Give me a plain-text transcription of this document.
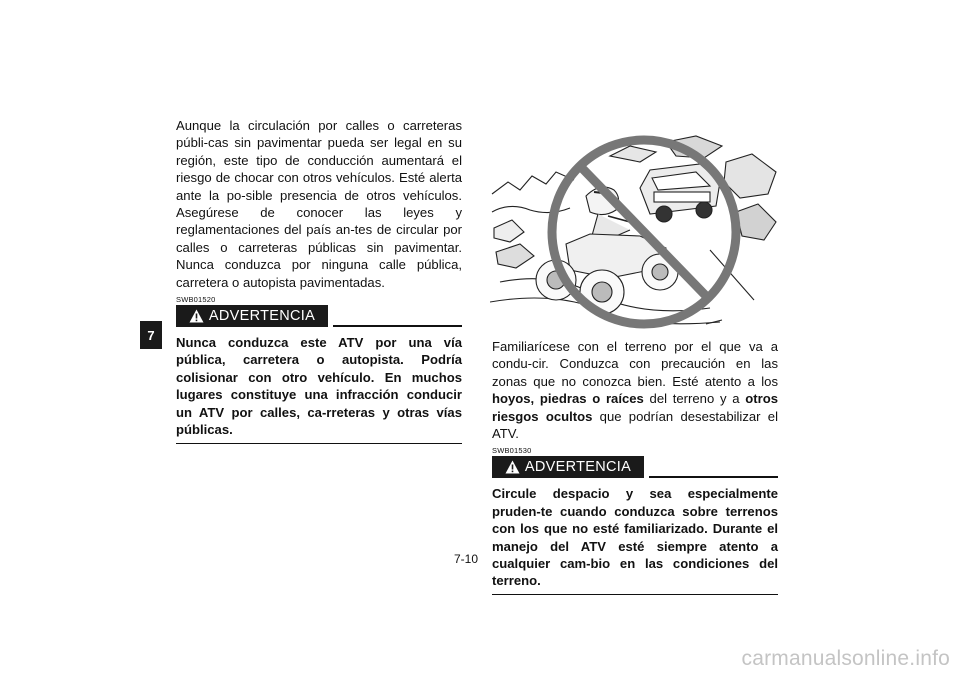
7

Aunque la circulación por calles o carreteras públi-cas sin pavimentar pueda ser legal en su región, este tipo de conducción aumentará el riesgo de chocar con otros vehículos. Esté alerta ante la po-sible presencia de otros vehículos. Asegúrese de conocer las leyes y reglamentaciones del país an-tes de circular por calles o carreteras públicas sin pavimentar. Nunca conduzca por ninguna calle pública, carretera o autopista pavimentadas.

SWB01520
ADVERTENCIA

Nunca conduzca este ATV por una vía pública, carretera o autopista. Podría colisionar con otro vehículo. En muchos lugares constituye una infracción conducir un ATV por calles, ca-rreteras y otras vías públicas.

Familiarícese con el terreno por el que va a condu-cir. Conduzca con precaución en las zonas que no conozca bien. Esté atento a los hoyos, piedras o raíces del terreno y a otros riesgos ocultos que podrían desestabilizar el ATV.

SWB01530
ADVERTENCIA

Circule despacio y sea especialmente pruden-te cuando conduzca sobre terrenos con los que no esté familiarizado. Durante el manejo del ATV esté siempre atento a cualquier cam-bio en las condiciones del terreno.

7-10
carmanualsonline.info
